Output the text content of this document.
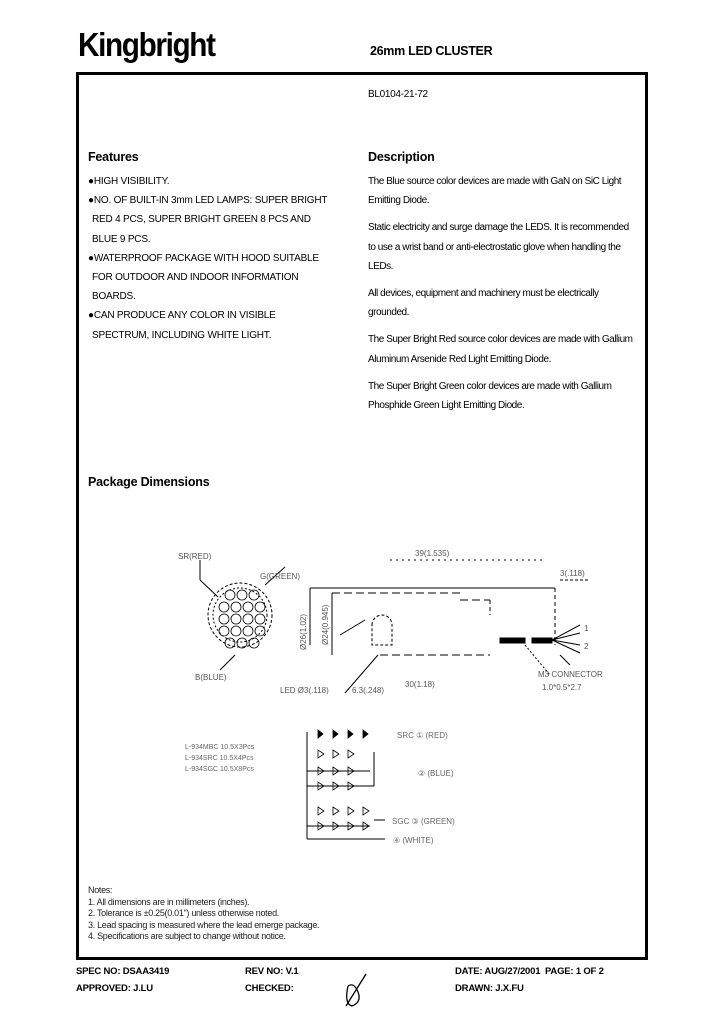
Kingbright	26mm LED CLUSTER
BL0104-21-72
Features
●HIGH VISIBILITY.
●NO. OF BUILT-IN 3mm LED LAMPS: SUPER BRIGHT
RED 4 PCS, SUPER BRIGHT GREEN 8 PCS AND
BLUE 9 PCS.
●WATERPROOF PACKAGE WITH HOOD SUITABLE
FOR OUTDOOR AND INDOOR INFORMATION
BOARDS.
●CAN PRODUCE ANY COLOR IN VISIBLE
SPECTRUM, INCLUDING WHITE LIGHT.
Description

The Blue source color devices are made with GaN on SiC Light Emitting Diode.

Static electricity and surge damage the LEDS. It is recommended to use a wrist band or anti-electrostatic glove when handling the LEDs.

All devices, equipment and machinery must be electrically grounded.

The Super Bright Red source color devices are made with Gallium Aluminum Arsenide Red Light Emitting Diode.

The Super Bright Green color devices are made with Gallium Phosphide Green Light Emitting Diode.

Package Dimensions
SR(RED)
G(GREEN)
B(BLUE)
39(1.535)
3(.118)
LED Ø3(.118)	6.3(.248)
30(1.18)
M3 CONNECTOR
1.0*0.5*2.7
1
2
Ø26(1.02) Ø24(0.945)
L-934MBC 10.5X3Pcs
L-934SRC 10.5X4Pcs
L-934SGC 10.5X8Pcs
SRC ① (RED)
② (BLUE)
SGC ③ (GREEN)
④ (WHITE)
Notes:
1. All dimensions are in millimeters (inches).
2. Tolerance is ±0.25(0.01") unless otherwise noted.
3. Lead spacing is measured where the lead emerge package.
4. Specifications are subject to change without notice.
SPEC NO: DSAA3419
APPROVED: J.LU
REV NO: V.1
CHECKED:
DATE: AUG/27/2001
DRAWN: J.X.FU
PAGE: 1 OF 2
